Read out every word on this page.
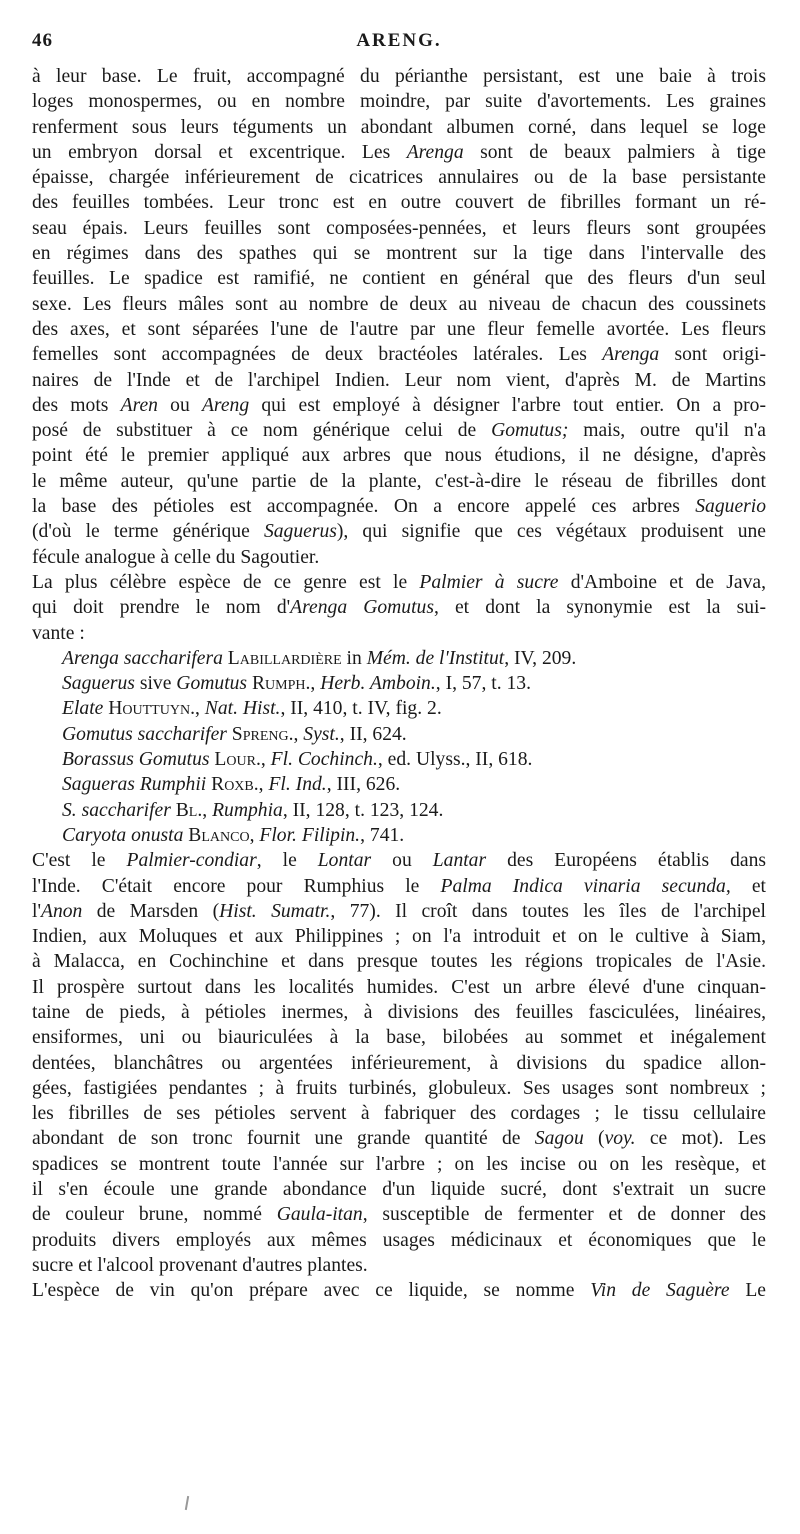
46	ARENG.
à leur base. Le fruit, accompagné du périanthe persistant, est une baie à trois
loges monospermes, ou en nombre moindre, par suite d'avortements. Les graines
renferment sous leurs téguments un abondant albumen corné, dans lequel se loge
un embryon dorsal et excentrique. Les Arenga sont de beaux palmiers à tige
épaisse, chargée inférieurement de cicatrices annulaires ou de la base persistante
des feuilles tombées. Leur tronc est en outre couvert de fibrilles formant un ré-
seau épais. Leurs feuilles sont composées-pennées, et leurs fleurs sont groupées
en régimes dans des spathes qui se montrent sur la tige dans l'intervalle des
feuilles. Le spadice est ramifié, ne contient en général que des fleurs d'un seul
sexe. Les fleurs mâles sont au nombre de deux au niveau de chacun des coussinets
des axes, et sont séparées l'une de l'autre par une fleur femelle avortée. Les fleurs
femelles sont accompagnées de deux bractéoles latérales. Les Arenga sont origi-
naires de l'Inde et de l'archipel Indien. Leur nom vient, d'après M. de Martins
des mots Aren ou Areng qui est employé à désigner l'arbre tout entier. On a pro-
posé de substituer à ce nom générique celui de Gomutus; mais, outre qu'il n'a
point été le premier appliqué aux arbres que nous étudions, il ne désigne, d'après
le même auteur, qu'une partie de la plante, c'est-à-dire le réseau de fibrilles dont
la base des pétioles est accompagnée. On a encore appelé ces arbres Saguerio
(d'où le terme générique Saguerus), qui signifie que ces végétaux produisent une
fécule analogue à celle du Sagoutier.
La plus célèbre espèce de ce genre est le Palmier à sucre d'Amboine et de Java,
qui doit prendre le nom d'Arenga Gomutus, et dont la synonymie est la sui-
vante :
Arenga saccharifera Labillardière in Mém. de l'Institut, IV, 209.
Saguerus sive Gomutus Rumph., Herb. Amboin., I, 57, t. 13.
Elate Houttuyn., Nat. Hist., II, 410, t. IV, fig. 2.
Gomutus saccharifer Spreng., Syst., II, 624.
Borassus Gomutus Lour., Fl. Cochinch., ed. Ulyss., II, 618.
Sagueras Rumphii Roxb., Fl. Ind., III, 626.
S. saccharifer Bl., Rumphia, II, 128, t. 123, 124.
Caryota onusta Blanco, Flor. Filipin., 741.
C'est le Palmier-condiar, le Lontar ou Lantar des Européens établis dans
l'Inde. C'était encore pour Rumphius le Palma Indica vinaria secunda, et
l'Anon de Marsden (Hist. Sumatr., 77). Il croît dans toutes les îles de l'archipel
Indien, aux Moluques et aux Philippines ; on l'a introduit et on le cultive à Siam,
à Malacca, en Cochinchine et dans presque toutes les régions tropicales de l'Asie.
Il prospère surtout dans les localités humides. C'est un arbre élevé d'une cinquan-
taine de pieds, à pétioles inermes, à divisions des feuilles fasciculées, linéaires,
ensiformes, uni ou biauriculées à la base, bilobées au sommet et inégalement
dentées, blanchâtres ou argentées inférieurement, à divisions du spadice allon-
gées, fastigiées pendantes ; à fruits turbinés, globuleux. Ses usages sont nombreux ;
les fibrilles de ses pétioles servent à fabriquer des cordages ; le tissu cellulaire
abondant de son tronc fournit une grande quantité de Sagou (voy. ce mot). Les
spadices se montrent toute l'année sur l'arbre ; on les incise ou on les resèque, et
il s'en écoule une grande abondance d'un liquide sucré, dont s'extrait un sucre
de couleur brune, nommé Gaula-itan, susceptible de fermenter et de donner des
produits divers employés aux mêmes usages médicinaux et économiques que le
sucre et l'alcool provenant d'autres plantes.
L'espèce de vin qu'on prépare avec ce liquide, se nomme Vin de Saguère Le
